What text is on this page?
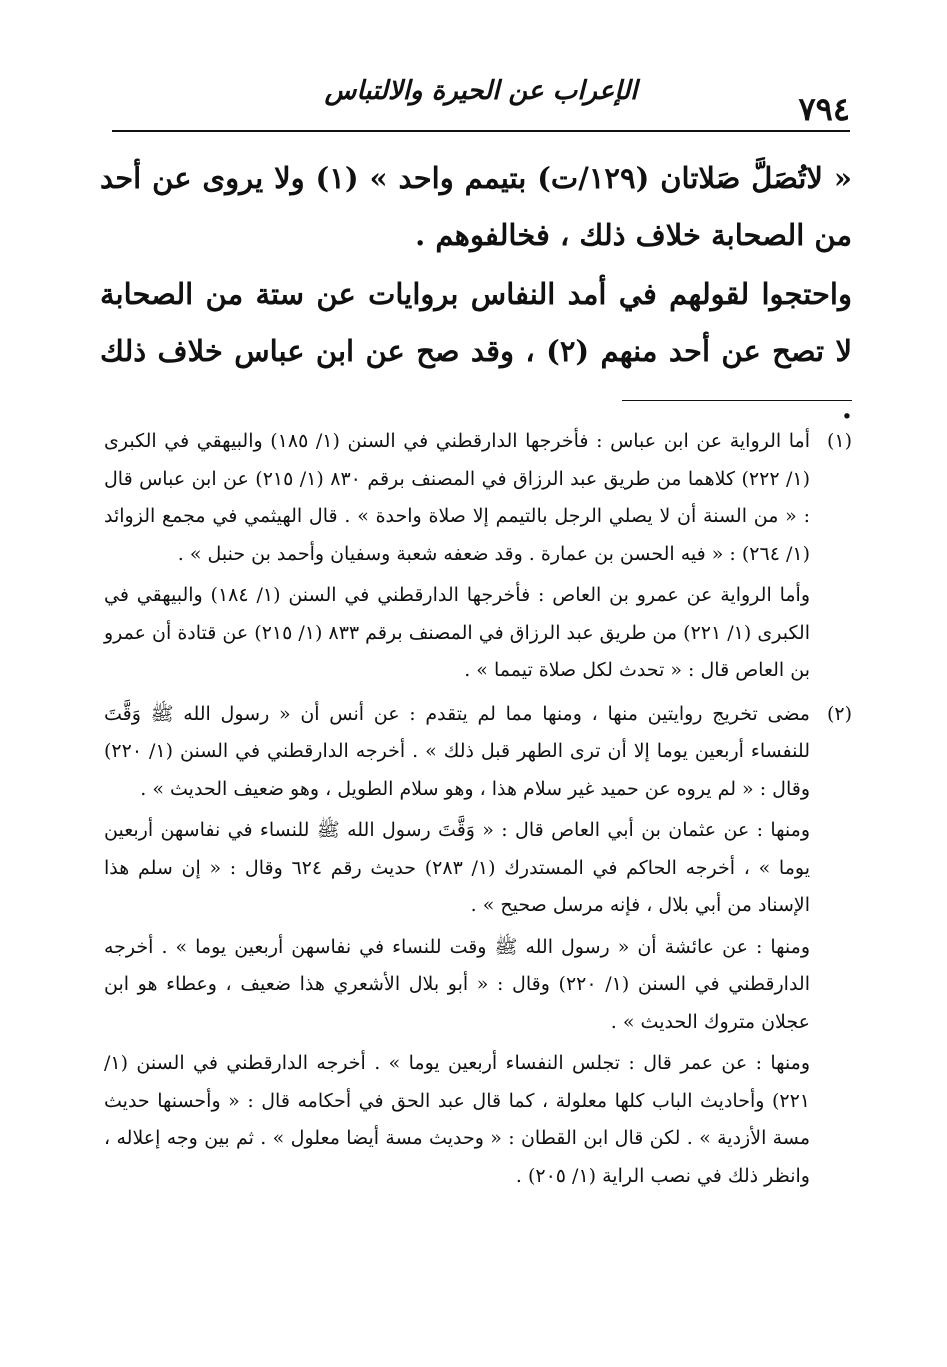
٧٩٤
الإعراب عن الحيرة والالتباس

« لاتُصَلَّ صَلاتان (١٢٩/ت) بتيمم واحد » (١) ولا يروى عن أحد من الصحابة خلاف ذلك ، فخالفوهم .

واحتجوا لقولهم في أمد النفاس بروايات عن ستة من الصحابة لا تصح عن أحد منهم (٢) ، وقد صح عن ابن عباس خلاف ذلك .

(١)

أما الرواية عن ابن عباس : فأخرجها الدارقطني في السنن (١/ ١٨٥) والبيهقي في الكبرى (١/ ٢٢٢) كلاهما من طريق عبد الرزاق في المصنف برقم ٨٣٠ (١/ ٢١٥) عن ابن عباس قال : « من السنة أن لا يصلي الرجل بالتيمم إلا صلاة واحدة » . قال الهيثمي في مجمع الزوائد (١/ ٢٦٤) : « فيه الحسن بن عمارة . وقد ضعفه شعبة وسفيان وأحمد بن حنبل » .

وأما الرواية عن عمرو بن العاص : فأخرجها الدارقطني في السنن (١/ ١٨٤) والبيهقي في الكبرى (١/ ٢٢١) من طريق عبد الرزاق في المصنف برقم ٨٣٣ (١/ ٢١٥) عن قتادة أن عمرو بن العاص قال : « تحدث لكل صلاة تيمما » .

(٢)

مضى تخريج روايتين منها ، ومنها مما لم يتقدم : عن أنس أن « رسول الله ﷺ وَقَّتَ للنفساء أربعين يوما إلا أن ترى الطهر قبل ذلك » . أخرجه الدارقطني في السنن (١/ ٢٢٠) وقال : « لم يروه عن حميد غير سلام هذا ، وهو سلام الطويل ، وهو ضعيف الحديث » .

ومنها : عن عثمان بن أبي العاص قال : « وَقَّتَ رسول الله ﷺ للنساء في نفاسهن أربعين يوما » ، أخرجه الحاكم في المستدرك (١/ ٢٨٣) حديث رقم ٦٢٤ وقال : « إن سلم هذا الإسناد من أبي بلال ، فإنه مرسل صحيح » .

ومنها : عن عائشة أن « رسول الله ﷺ وقت للنساء في نفاسهن أربعين يوما » . أخرجه الدارقطني في السنن (١/ ٢٢٠) وقال : « أبو بلال الأشعري هذا ضعيف ، وعطاء هو ابن عجلان متروك الحديث » .

ومنها : عن عمر قال : تجلس النفساء أربعين يوما » . أخرجه الدارقطني في السنن (١/ ٢٢١) وأحاديث الباب كلها معلولة ، كما قال عبد الحق في أحكامه قال : « وأحسنها حديث مسة الأزدية » . لكن قال ابن القطان : « وحديث مسة أيضا معلول » . ثم بين وجه إعلاله ، وانظر ذلك في نصب الراية (١/ ٢٠٥) .
